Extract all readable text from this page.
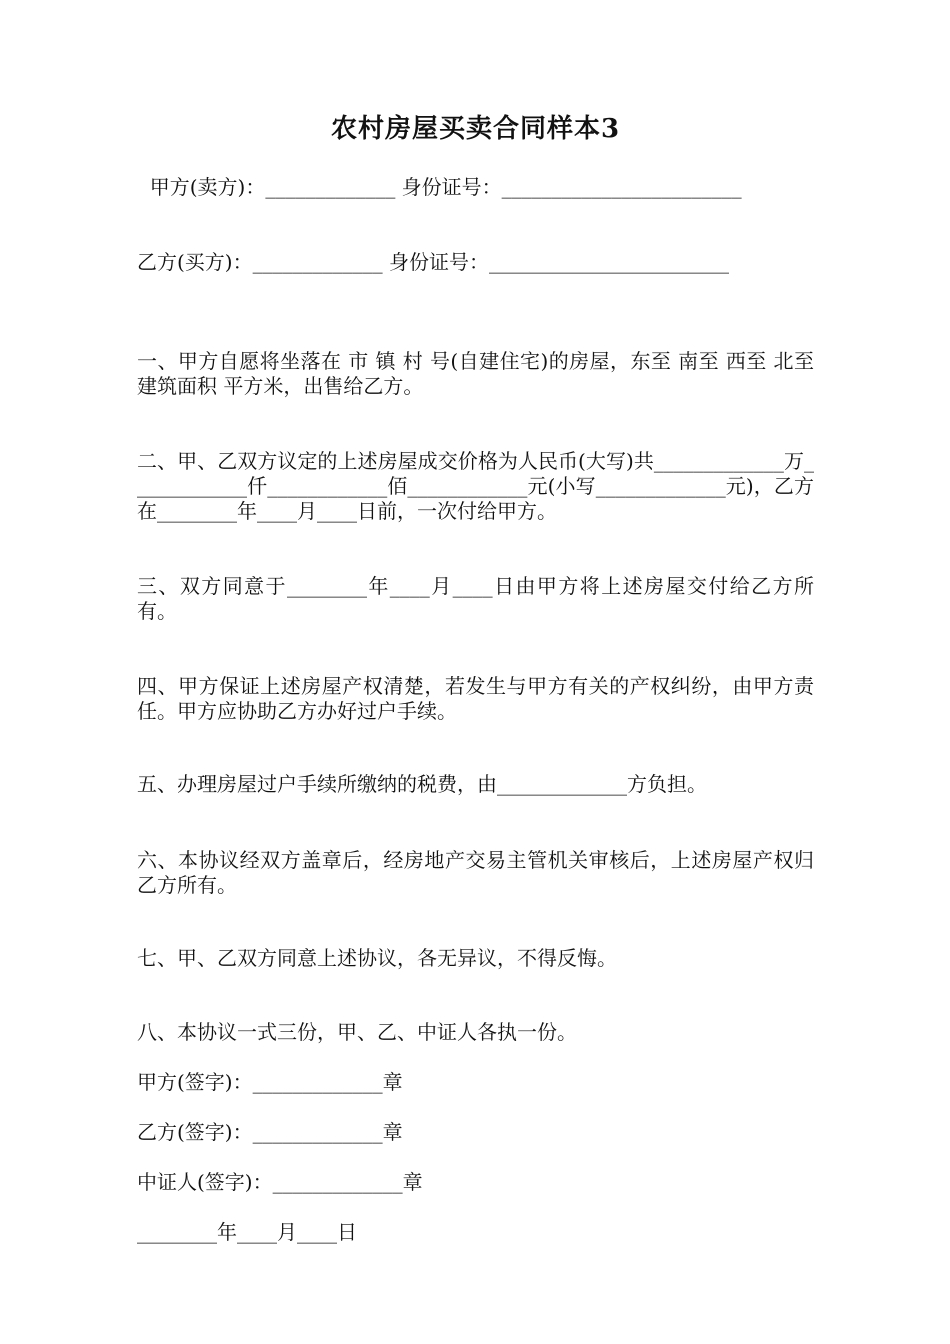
农村房屋买卖合同样本3
甲方(卖方)：_____________ 身份证号：________________________
乙方(买方)：_____________ 身份证号：________________________
一、甲方自愿将坐落在 市 镇 村 号(自建住宅)的房屋，东至 南至 西至 北至 建筑面积 平方米，出售给乙方。
二、甲、乙双方议定的上述房屋成交价格为人民币(大写)共_____________万____________仟____________佰____________元(小写_____________元)，乙方在________年____月____日前，一次付给甲方。
三、双方同意于________年____月____日由甲方将上述房屋交付给乙方所有。
四、甲方保证上述房屋产权清楚，若发生与甲方有关的产权纠纷，由甲方责任。甲方应协助乙方办好过户手续。
五、办理房屋过户手续所缴纳的税费，由_____________方负担。
六、本协议经双方盖章后，经房地产交易主管机关审核后，上述房屋产权归乙方所有。
七、甲、乙双方同意上述协议，各无异议，不得反悔。
八、本协议一式三份，甲、乙、中证人各执一份。
甲方(签字)：_____________章
乙方(签字)：_____________章
中证人(签字)：_____________章
________年____月____日
